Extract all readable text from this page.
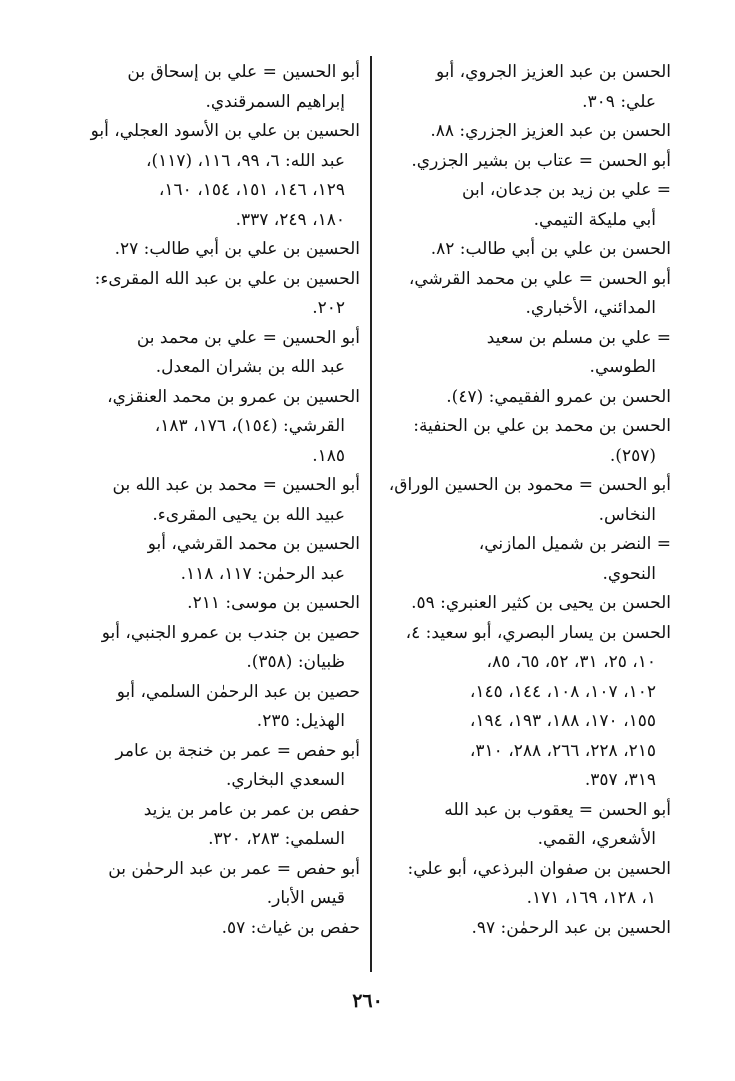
الحسن بن عبد العزيز الجروي، أبو
علي: ٣٠٩.
الحسن بن عبد العزيز الجزري: ٨٨.
أبو الحسن = عتاب بن بشير الجزري.
= علي بن زيد بن جدعان، ابن
أبي مليكة التيمي.
الحسن بن علي بن أبي طالب: ٨٢.
أبو الحسن = علي بن محمد القرشي،
المدائني، الأخباري.
= علي بن مسلم بن سعيد
الطوسي.
الحسن بن عمرو الفقيمي: (٤٧).
الحسن بن محمد بن علي بن الحنفية:
(٢٥٧).
أبو الحسن = محمود بن الحسين الوراق،
النخاس.
= النضر بن شميل المازني،
النحوي.
الحسن بن يحيى بن كثير العنبري: ٥٩.
الحسن بن يسار البصري، أبو سعيد: ٤،
١٠، ٢٥، ٣١، ٥٢، ٦٥، ٨٥،
١٠٢، ١٠٧، ١٠٨، ١٤٤، ١٤٥،
١٥٥، ١٧٠، ١٨٨، ١٩٣، ١٩٤،
٢١٥، ٢٢٨، ٢٦٦، ٢٨٨، ٣١٠،
٣١٩، ٣٥٧.
أبو الحسن = يعقوب بن عبد الله
الأشعري، القمي.
الحسين بن صفوان البرذعي، أبو علي:
١، ١٢٨، ١٦٩، ١٧١.
الحسين بن عبد الرحمٰن: ٩٧.
أبو الحسين = علي بن إسحاق بن
إبراهيم السمرقندي.
الحسين بن علي بن الأسود العجلي، أبو
عبد الله: ٦، ٩٩، ١١٦، (١١٧)،
١٢٩، ١٤٦، ١٥١، ١٥٤، ١٦٠،
١٨٠، ٢٤٩، ٣٣٧.
الحسين بن علي بن أبي طالب: ٢٧.
الحسين بن علي بن عبد الله المقرىء:
٢٠٢.
أبو الحسين = علي بن محمد بن
عبد الله بن بشران المعدل.
الحسين بن عمرو بن محمد العنقزي،
القرشي: (١٥٤)، ١٧٦، ١٨٣،
١٨٥.
أبو الحسين = محمد بن عبد الله بن
عبيد الله بن يحيى المقرىء.
الحسين بن محمد القرشي، أبو
عبد الرحمٰن: ١١٧، ١١٨.
الحسين بن موسى: ٢١١.
حصين بن جندب بن عمرو الجنبي، أبو
ظبيان: (٣٥٨).
حصين بن عبد الرحمٰن السلمي، أبو
الهذيل: ٢٣٥.
أبو حفص = عمر بن خنجة بن عامر
السعدي البخاري.
حفص بن عمر بن عامر بن يزيد
السلمي: ٢٨٣، ٣٢٠.
أبو حفص = عمر بن عبد الرحمٰن بن
قيس الأبار.
حفص بن غياث: ٥٧.
٢٦٠
